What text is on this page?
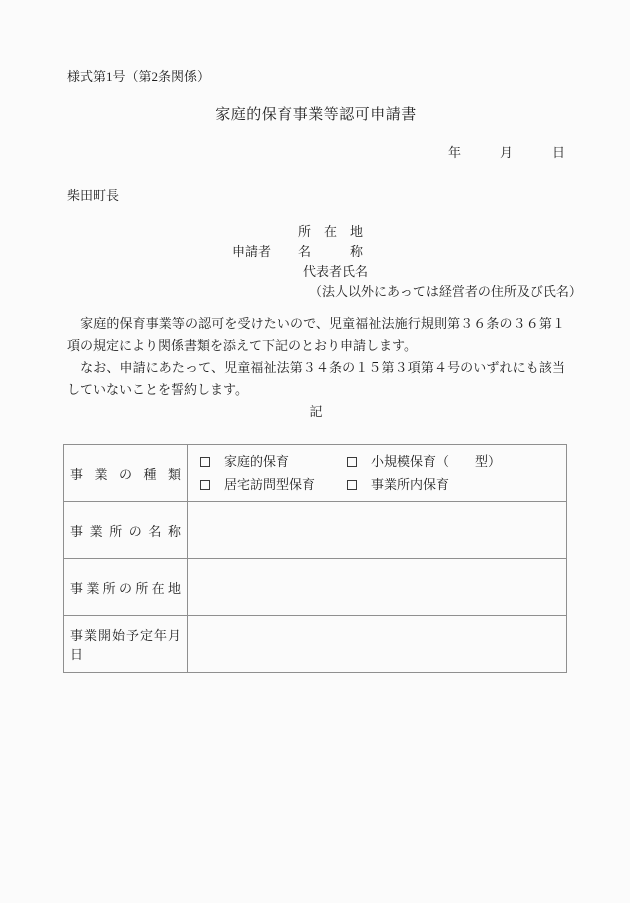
様式第1号（第2条関係）
家庭的保育事業等認可申請書
年　　　月　　　日
柴田町長
所　在　地
申請者	名　　　称
代表者氏名
（法人以外にあっては経営者の住所及び氏名）

　家庭的保育事業等の認可を受けたいので、児童福祉法施行規則第３６条の３６第１項の規定により関係書類を添えて下記のとおり申請します。

　なお、申請にあたって、児童福祉法第３４条の１５第３項第４号のいずれにも該当していないことを誓約します。

記
事業の種類	家庭的保育 小規模保育（　　型）
居宅訪問型保育 事業所内保育

事業所の名称	
事業所の所在地	
事業開始予定年月日	
